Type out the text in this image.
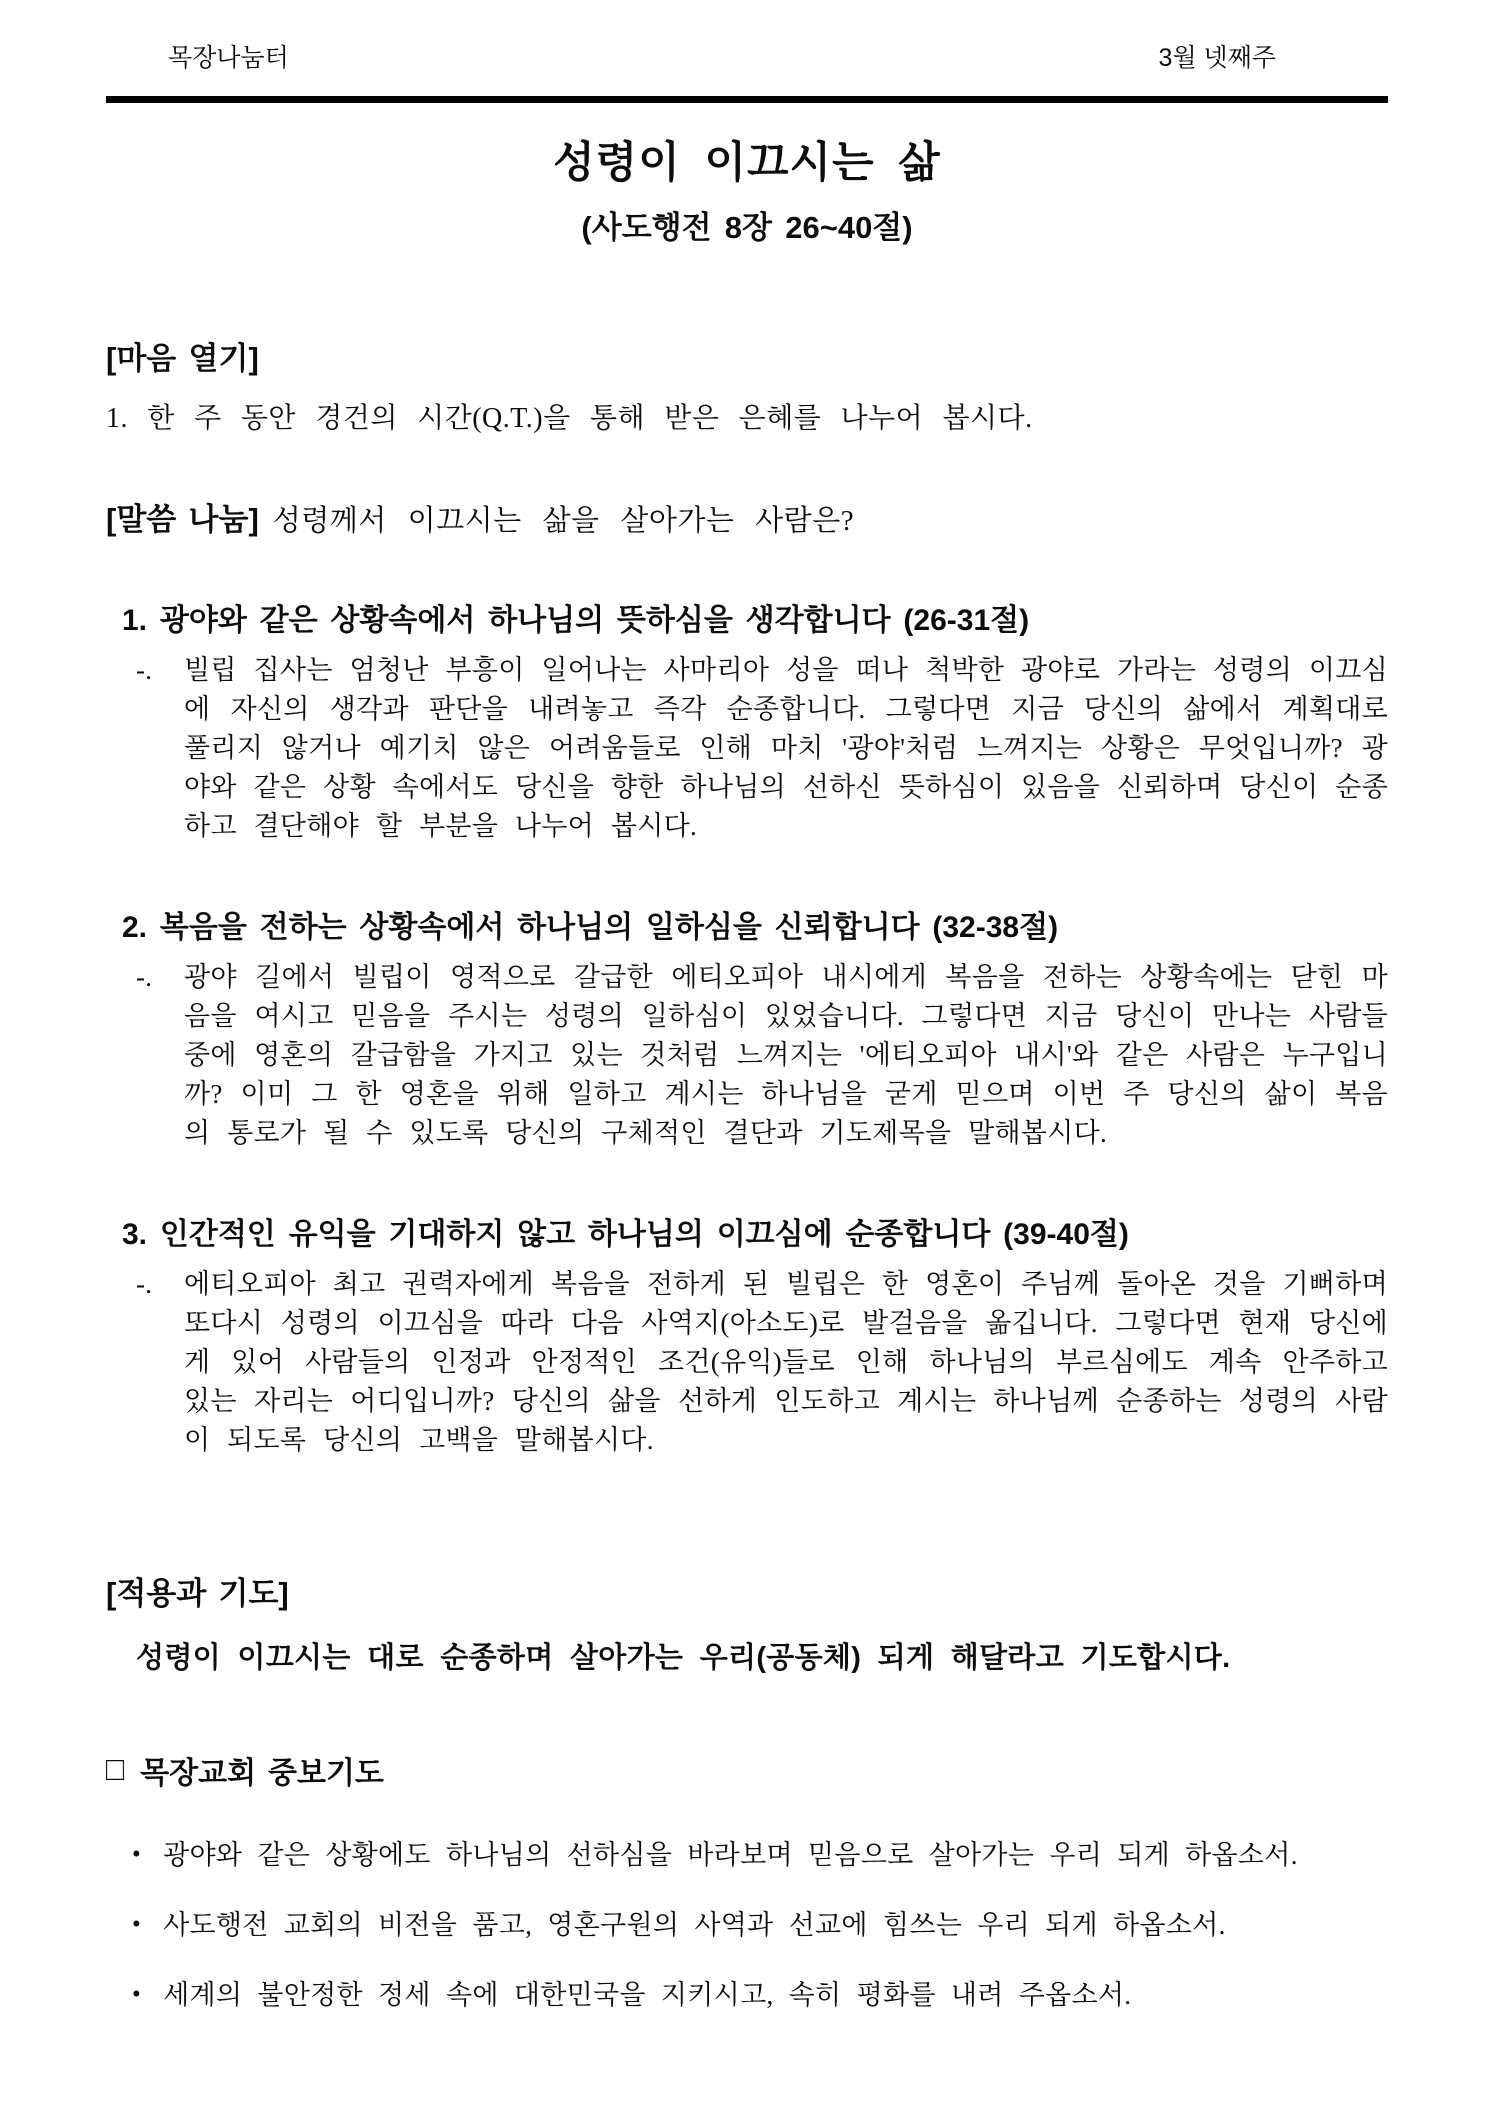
목장나눔터	3월 넷째주
성령이 이끄시는 삶
(사도행전 8장 26~40절)
[마음 열기]

1. 한 주 동안 경건의 시간(Q.T.)을 통해 받은 은혜를 나누어 봅시다.

[말씀 나눔] 성령께서 이끄시는 삶을 살아가는 사람은?
1. 광야와 같은 상황속에서 하나님의 뜻하심을 생각합니다 (26-31절)
-. 빌립 집사는 엄청난 부흥이 일어나는 사마리아 성을 떠나 척박한 광야로 가라는 성령의 이끄심에 자신의 생각과 판단을 내려놓고 즉각 순종합니다. 그렇다면 지금 당신의 삶에서 계획대로 풀리지 않거나 예기치 않은 어려움들로 인해 마치 '광야'처럼 느껴지는 상황은 무엇입니까? 광야와 같은 상황 속에서도 당신을 향한 하나님의 선하신 뜻하심이 있음을 신뢰하며 당신이 순종하고 결단해야 할 부분을 나누어 봅시다.
2. 복음을 전하는 상황속에서 하나님의 일하심을 신뢰합니다 (32-38절)
-. 광야 길에서 빌립이 영적으로 갈급한 에티오피아 내시에게 복음을 전하는 상황속에는 닫힌 마음을 여시고 믿음을 주시는 성령의 일하심이 있었습니다. 그렇다면 지금 당신이 만나는 사람들 중에 영혼의 갈급함을 가지고 있는 것처럼 느껴지는 '에티오피아 내시'와 같은 사람은 누구입니까? 이미 그 한 영혼을 위해 일하고 계시는 하나님을 굳게 믿으며 이번 주 당신의 삶이 복음의 통로가 될 수 있도록 당신의 구체적인 결단과 기도제목을 말해봅시다.
3. 인간적인 유익을 기대하지 않고 하나님의 이끄심에 순종합니다 (39-40절)
-. 에티오피아 최고 권력자에게 복음을 전하게 된 빌립은 한 영혼이 주님께 돌아온 것을 기뻐하며 또다시 성령의 이끄심을 따라 다음 사역지(아소도)로 발걸음을 옮깁니다. 그렇다면 현재 당신에게 있어 사람들의 인정과 안정적인 조건(유익)들로 인해 하나님의 부르심에도 계속 안주하고 있는 자리는 어디입니까? 당신의 삶을 선하게 인도하고 계시는 하나님께 순종하는 성령의 사람이 되도록 당신의 고백을 말해봅시다.
[적용과 기도]

성령이 이끄시는 대로 순종하며 살아가는 우리(공동체) 되게 해달라고 기도합시다.

□ 목장교회 중보기도
• 광야와 같은 상황에도 하나님의 선하심을 바라보며 믿음으로 살아가는 우리 되게 하옵소서.
• 사도행전 교회의 비전을 품고, 영혼구원의 사역과 선교에 힘쓰는 우리 되게 하옵소서.
• 세계의 불안정한 정세 속에 대한민국을 지키시고, 속히 평화를 내려 주옵소서.
